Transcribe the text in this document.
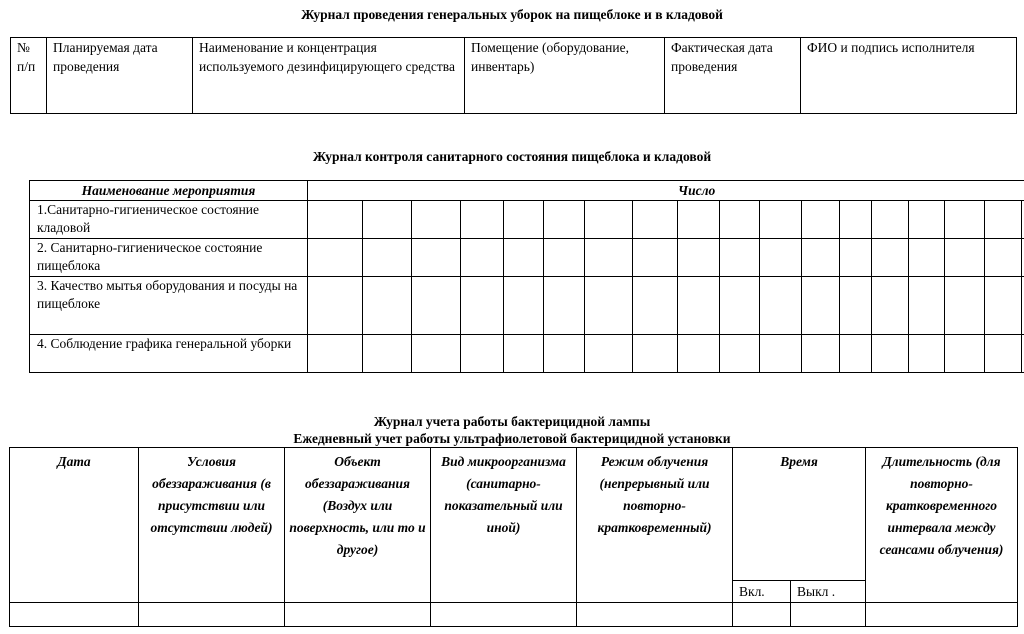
Журнал проведения генеральных уборок на пищеблоке и в кладовой
№ п/п	Планируемая дата проведения	Наименование и концентрация используемого дезинфицирующего средства	Помещение (оборудование, инвентарь)	Фактическая дата проведения	ФИО и подпись исполнителя
Журнал контроля санитарного состояния пищеблока и кладовой
Наименование мероприятия	Число																		
1.Санитарно-гигиеническое состояние кладовой																			
2. Санитарно-гигиеническое состояние пищеблока																			
3. Качество мытья оборудования и посуды на пищеблоке																			
4. Соблюдение графика генеральной уборки																			
Журнал учета работы бактерицидной лампы
Ежедневный учет работы ультрафиолетовой бактерицидной установки
Дата	Условия обеззараживания (в присутствии или отсутствии людей)	Объект обеззараживания (Воздух или поверхность, или то и другое)	Вид микроорганизма (санитарно-показательный или иной)	Режим облучения (непрерывный или повторно-кратковременный)	Время		Длительность (для повторно-кратковременного интервала между сеансами облучения)
					Вкл.	Выкл .	
